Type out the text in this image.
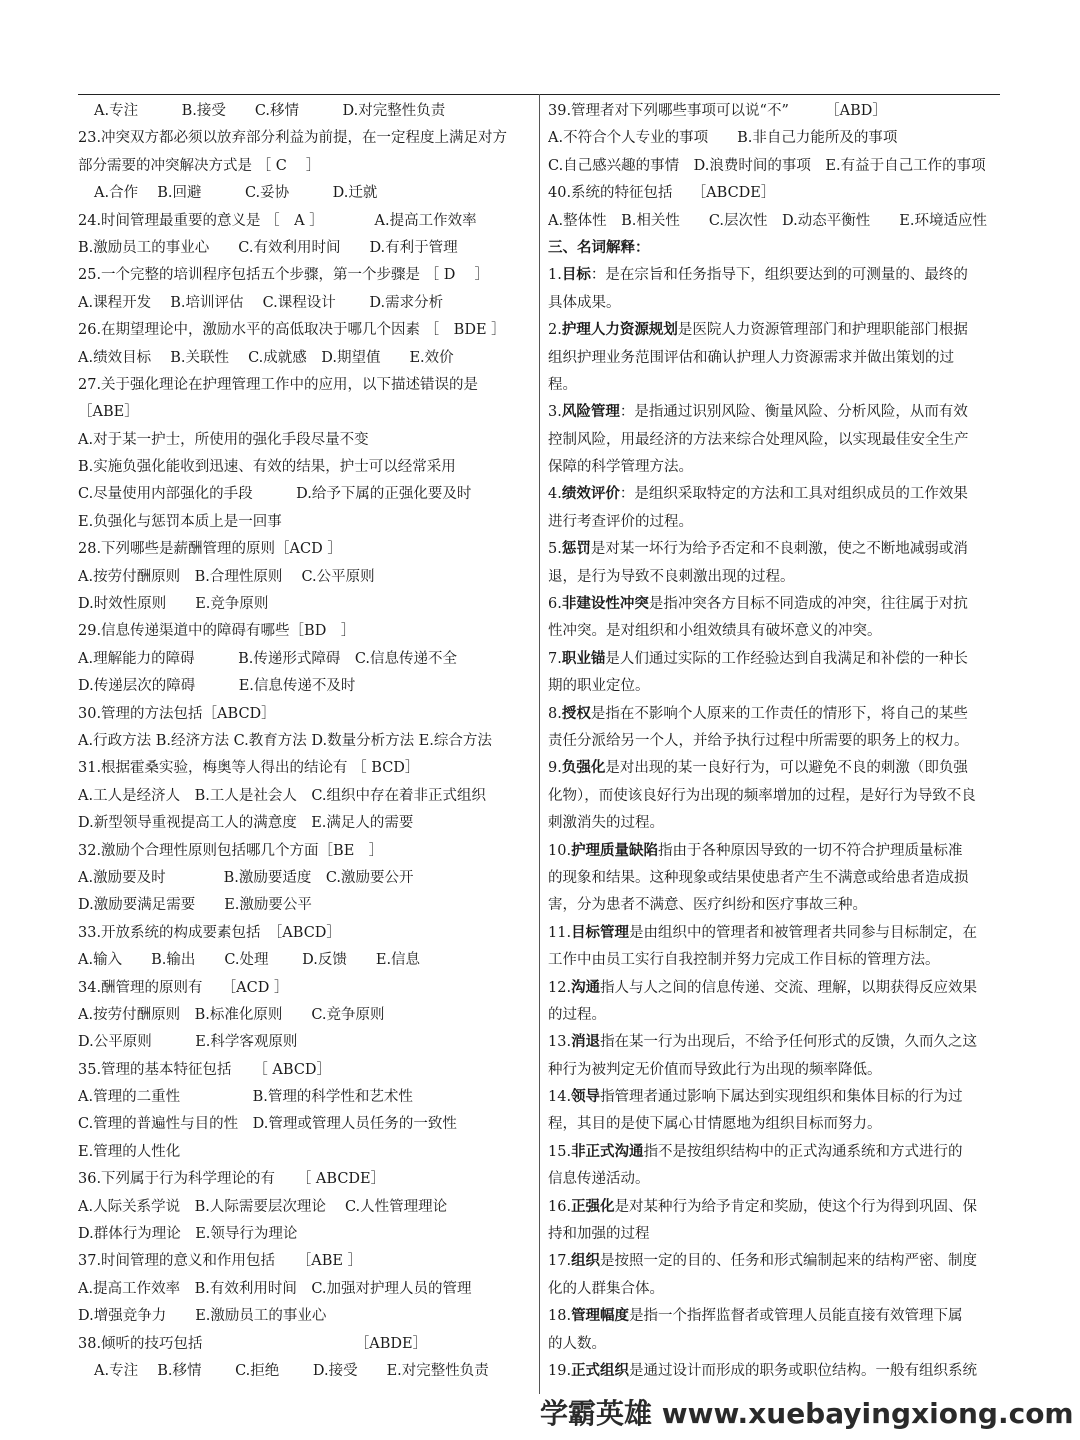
A.专注　　　B.接受　　C.移情　　　D.对完整性负责
23.冲突双方都必须以放弃部分利益为前提，在一定程度上满足对方
部分需要的冲突解决方式是 ［ C　 ］
A.合作　 B.回避　　　C.妥协　　　D.迁就
24.时间管理最重要的意义是 ［　A ］　　　　A.提高工作效率
B.激励员工的事业心　　C.有效利用时间　　D.有利于管理
25.一个完整的培训程序包括五个步骤，第一个步骤是 ［ D　 ］
A.课程开发　 B.培训评估　 C.课程设计　　 D.需求分析
26.在期望理论中，激励水平的高低取决于哪几个因素 ［　BDE ］
A.绩效目标　 B.关联性　 C.成就感　D.期望值　　E.效价
27.关于强化理论在护理管理工作中的应用，以下描述错误的是
［ABE］
A.对于某一护士，所使用的强化手段尽量不变
B.实施负强化能收到迅速、有效的结果，护士可以经常采用
C.尽量使用内部强化的手段　　　D.给予下属的正强化要及时
E.负强化与惩罚本质上是一回事
28.下列哪些是薪酬管理的原则［ACD ］
A.按劳付酬原则　B.合理性原则　 C.公平原则
D.时效性原则　　E.竞争原则
29.信息传递渠道中的障碍有哪些［BD　］
A.理解能力的障碍　　　B.传递形式障碍　C.信息传递不全
D.传递层次的障碍　　　E.信息传递不及时
30.管理的方法包括［ABCD］
A.行政方法 B.经济方法 C.教育方法 D.数量分析方法 E.综合方法
31.根据霍桑实验，梅奥等人得出的结论有 ［ BCD］
A.工人是经济人　B.工人是社会人　C.组织中存在着非正式组织
D.新型领导重视提高工人的满意度　E.满足人的需要
32.激励个合理性原则包括哪几个方面［BE　］
A.激励要及时　　　　B.激励要适度　C.激励要公开
D.激励要满足需要　　E.激励要公平
33.开放系统的构成要素包括　［ABCD］
A.输入　　B.输出　　C.处理　　 D.反馈　　E.信息
34.酬管理的原则有　 ［ACD ］
A.按劳付酬原则　B.标准化原则　　C.竞争原则
D.公平原则　　　E.科学客观原则
35.管理的基本特征包括　　［ ABCD］
A.管理的二重性　　　　　B.管理的科学性和艺术性
C.管理的普遍性与目的性　D.管理或管理人员任务的一致性
E.管理的人性化
36.下列属于行为科学理论的有　　［ ABCDE］
A.人际关系学说　B.人际需要层次理论　 C.人性管理理论
D.群体行为理论　E.领导行为理论
37.时间管理的意义和作用包括　　［ABE ］
A.提高工作效率　B.有效利用时间　C.加强对护理人员的管理
D.增强竞争力　　E.激励员工的事业心
38.倾听的技巧包括　　　　　　　　　　　［ABDE］
A.专注　 B.移情　　 C.拒绝　　 D.接受　　E.对完整性负责
39.管理者对下列哪些事项可以说“不”　　　［ABD］
A.不符合个人专业的事项　　B.非自己力能所及的事项
C.自己感兴趣的事情　D.浪费时间的事项　E.有益于自己工作的事项
40.系统的特征包括　 ［ABCDE］
A.整体性　B.相关性　　C.层次性　D.动态平衡性　　E.环境适应性
三、名词解释：
1.目标：是在宗旨和任务指导下，组织要达到的可测量的、最终的
具体成果。
2.护理人力资源规划是医院人力资源管理部门和护理职能部门根据
组织护理业务范围评估和确认护理人力资源需求并做出策划的过
程。
3.风险管理：是指通过识别风险、衡量风险、分析风险，从而有效
控制风险，用最经济的方法来综合处理风险，以实现最佳安全生产
保障的科学管理方法。
4.绩效评价：是组织采取特定的方法和工具对组织成员的工作效果
进行考查评价的过程。
5.惩罚是对某一坏行为给予否定和不良刺激，使之不断地减弱或消
退，是行为导致不良刺激出现的过程。
6.非建设性冲突是指冲突各方目标不同造成的冲突，往往属于对抗
性冲突。是对组织和小组效绩具有破坏意义的冲突。
7.职业锚是人们通过实际的工作经验达到自我满足和补偿的一种长
期的职业定位。
8.授权是指在不影响个人原来的工作责任的情形下，将自己的某些
责任分派给另一个人，并给予执行过程中所需要的职务上的权力。
9.负强化是对出现的某一良好行为，可以避免不良的刺激（即负强
化物），而使该良好行为出现的频率增加的过程，是好行为导致不良
刺激消失的过程。
10.护理质量缺陷指由于各种原因导致的一切不符合护理质量标准
的现象和结果。这种现象或结果使患者产生不满意或给患者造成损
害，分为患者不满意、医疗纠纷和医疗事故三种。
11.目标管理是由组织中的管理者和被管理者共同参与目标制定，在
工作中由员工实行自我控制并努力完成工作目标的管理方法。
12.沟通指人与人之间的信息传递、交流、理解，以期获得反应效果
的过程。
13.消退指在某一行为出现后，不给予任何形式的反馈，久而久之这
种行为被判定无价值而导致此行为出现的频率降低。
14.领导指管理者通过影响下属达到实现组织和集体目标的行为过
程，其目的是使下属心甘情愿地为组织目标而努力。
15.非正式沟通指不是按组织结构中的正式沟通系统和方式进行的
信息传递活动。
16.正强化是对某种行为给予肯定和奖励，使这个行为得到巩固、保
持和加强的过程
17.组织是按照一定的目的、任务和形式编制起来的结构严密、制度
化的人群集合体。
18.管理幅度是指一个指挥监督者或管理人员能直接有效管理下属
的人数。
19.正式组织是通过设计而形成的职务或职位结构。一般有组织系统
学霸英雄 www.xuebayingxiong.com
